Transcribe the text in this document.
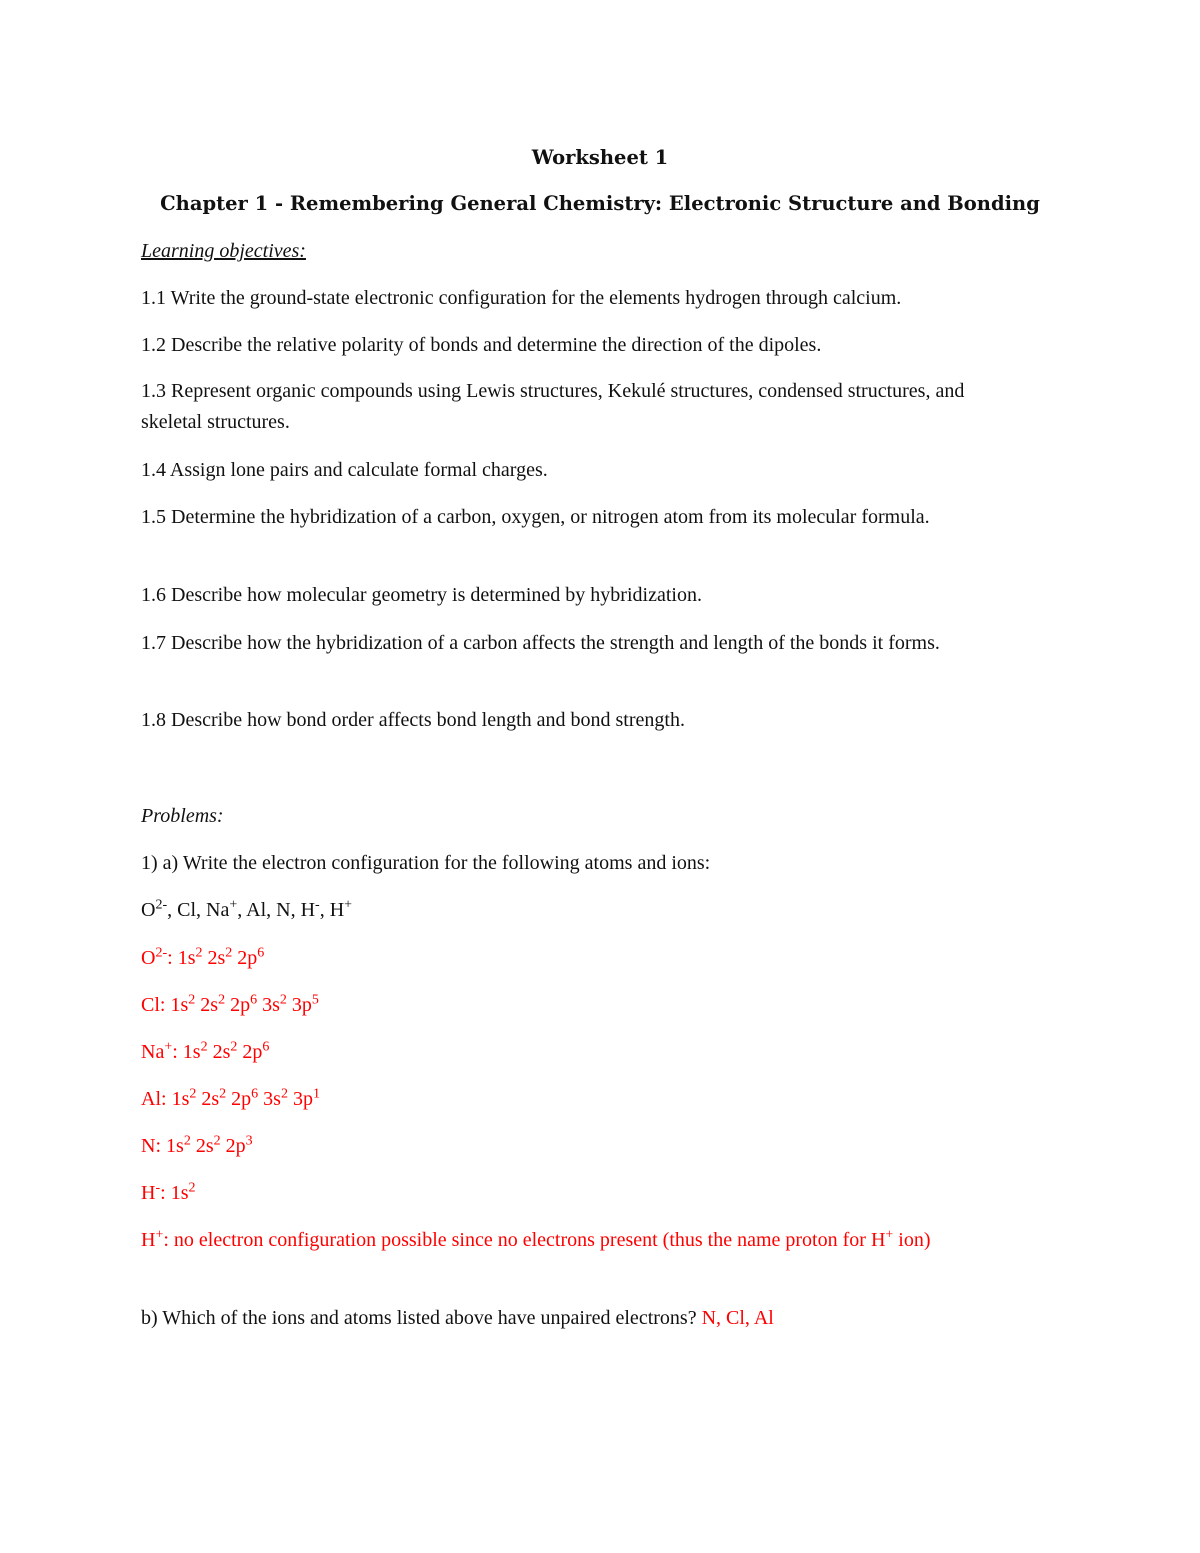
Worksheet 1
Chapter 1 - Remembering General Chemistry: Electronic Structure and Bonding
Learning objectives:
1.1 Write the ground-state electronic configuration for the elements hydrogen through calcium.
1.2 Describe the relative polarity of bonds and determine the direction of the dipoles.
1.3 Represent organic compounds using Lewis structures, Kekulé structures, condensed structures, and skeletal structures.
1.4 Assign lone pairs and calculate formal charges.
1.5 Determine the hybridization of a carbon, oxygen, or nitrogen atom from its molecular formula.
1.6 Describe how molecular geometry is determined by hybridization.
1.7 Describe how the hybridization of a carbon affects the strength and length of the bonds it forms.
1.8 Describe how bond order affects bond length and bond strength.
Problems:
1) a) Write the electron configuration for the following atoms and ions:
$O^{2-}$, Cl, Na+, Al, N, H-, H+
$O^{2-}$: $1s^2$ $2s^2$ $2p^6$
Cl: $1s^2$ $2s^2$ $2p^6$ $3s^2$ $3p^5$
Na+: $1s^2$ $2s^2$ $2p^6$
Al: $1s^2$ $2s^2$ $2p^6$ $3s^2$ $3p^1$
N: $1s^2$ $2s^2$ $2p^3$
H-: $1s^2$
H+: no electron configuration possible since no electrons present (thus the name proton for H+ ion)
b) Which of the ions and atoms listed above have unpaired electrons? N, Cl, Al
